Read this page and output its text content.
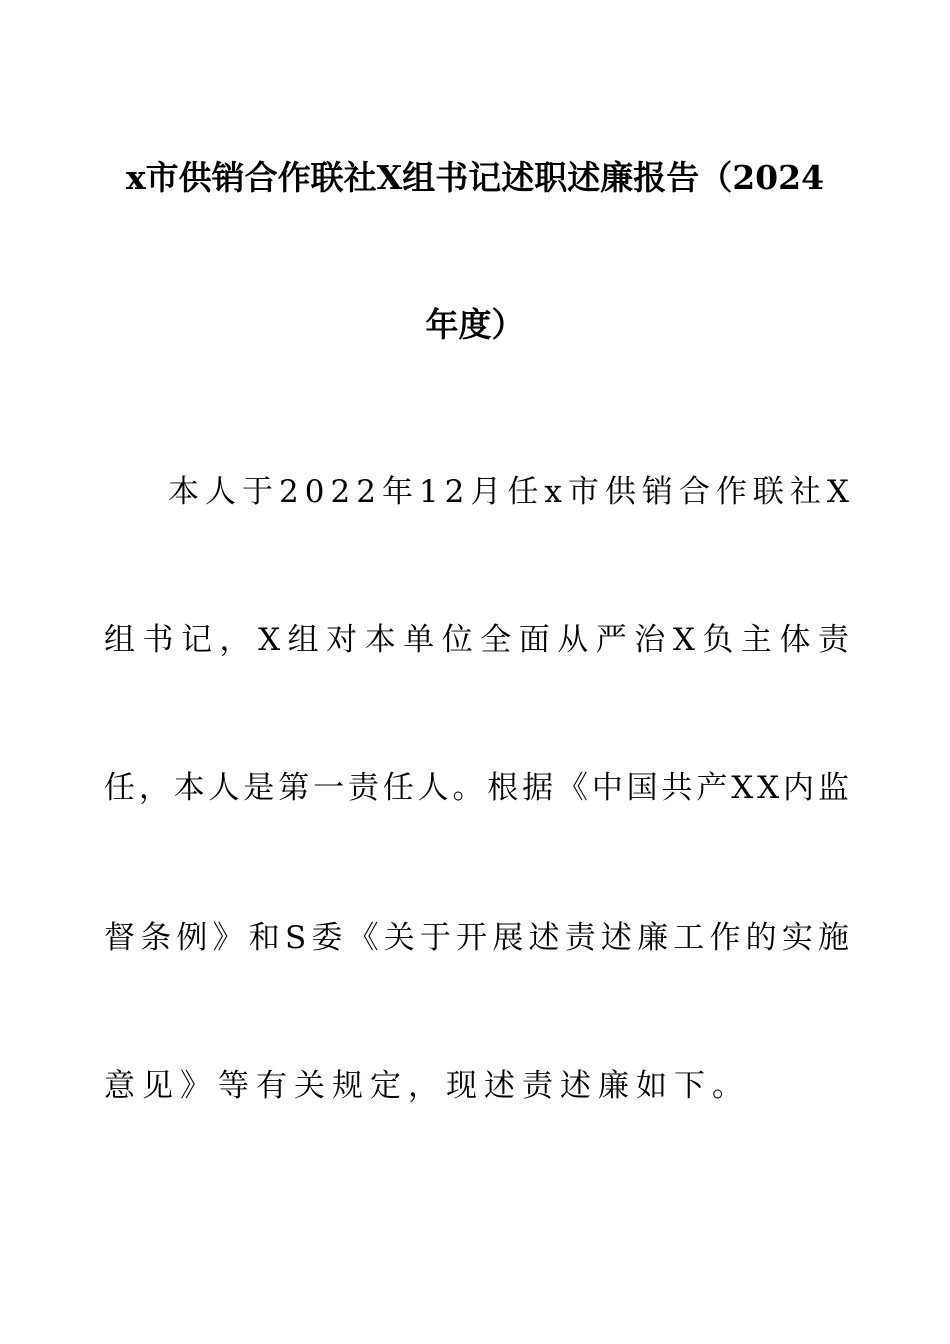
x市供销合作联社X组书记述职述廉报告（2024
年度）
本 人 于 2 0 2 2 年 1 2 月 任 x 市 供 销 合 作 联 社 X
组 书 记 ， X 组 对 本 单 位 全 面 从 严 治 X 负 主 体 责
任 ， 本 人 是 第 一 责 任 人 。 根 据 《 中 国 共 产 X X 内 监
督 条 例 》 和 S 委 《 关 于 开 展 述 责 述 廉 工 作 的 实 施
意见》等有关规定，现述责述廉如下。
